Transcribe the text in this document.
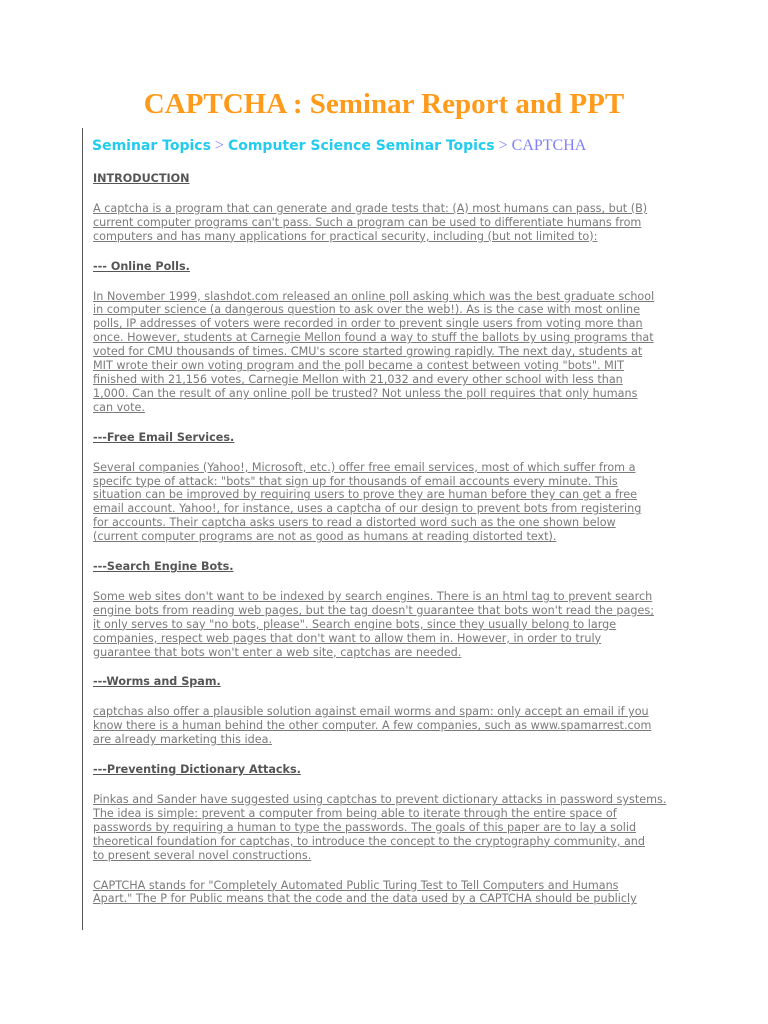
CAPTCHA : Seminar Report and PPT
Seminar Topics > Computer Science Seminar Topics > CAPTCHA
INTRODUCTION
A captcha is a program that can generate and grade tests that: (A) most humans can pass, but (B)
current computer programs can't pass. Such a program can be used to differentiate humans from
computers and has many applications for practical security, including (but not limited to):
--- Online Polls.
In November 1999, slashdot.com released an online poll asking which was the best graduate school
in computer science (a dangerous question to ask over the web!). As is the case with most online
polls, IP addresses of voters were recorded in order to prevent single users from voting more than
once. However, students at Carnegie Mellon found a way to stuff the ballots by using programs that
voted for CMU thousands of times. CMU's score started growing rapidly. The next day, students at
MIT wrote their own voting program and the poll became a contest between voting "bots". MIT
finished with 21,156 votes, Carnegie Mellon with 21,032 and every other school with less than
1,000. Can the result of any online poll be trusted? Not unless the poll requires that only humans
can vote.
---Free Email Services.
Several companies (Yahoo!, Microsoft, etc.) offer free email services, most of which suffer from a
specifc type of attack: "bots" that sign up for thousands of email accounts every minute. This
situation can be improved by requiring users to prove they are human before they can get a free
email account. Yahoo!, for instance, uses a captcha of our design to prevent bots from registering
for accounts. Their captcha asks users to read a distorted word such as the one shown below
(current computer programs are not as good as humans at reading distorted text).
---Search Engine Bots.
Some web sites don't want to be indexed by search engines. There is an html tag to prevent search
engine bots from reading web pages, but the tag doesn't guarantee that bots won't read the pages;
it only serves to say "no bots, please". Search engine bots, since they usually belong to large
companies, respect web pages that don't want to allow them in. However, in order to truly
guarantee that bots won't enter a web site, captchas are needed.
---Worms and Spam.
captchas also offer a plausible solution against email worms and spam: only accept an email if you
know there is a human behind the other computer. A few companies, such as www.spamarrest.com
are already marketing this idea.
---Preventing Dictionary Attacks.
Pinkas and Sander have suggested using captchas to prevent dictionary attacks in password systems.
The idea is simple: prevent a computer from being able to iterate through the entire space of
passwords by requiring a human to type the passwords. The goals of this paper are to lay a solid
theoretical foundation for captchas, to introduce the concept to the cryptography community, and
to present several novel constructions.
CAPTCHA stands for "Completely Automated Public Turing Test to Tell Computers and Humans
Apart." The P for Public means that the code and the data used by a CAPTCHA should be publicly
